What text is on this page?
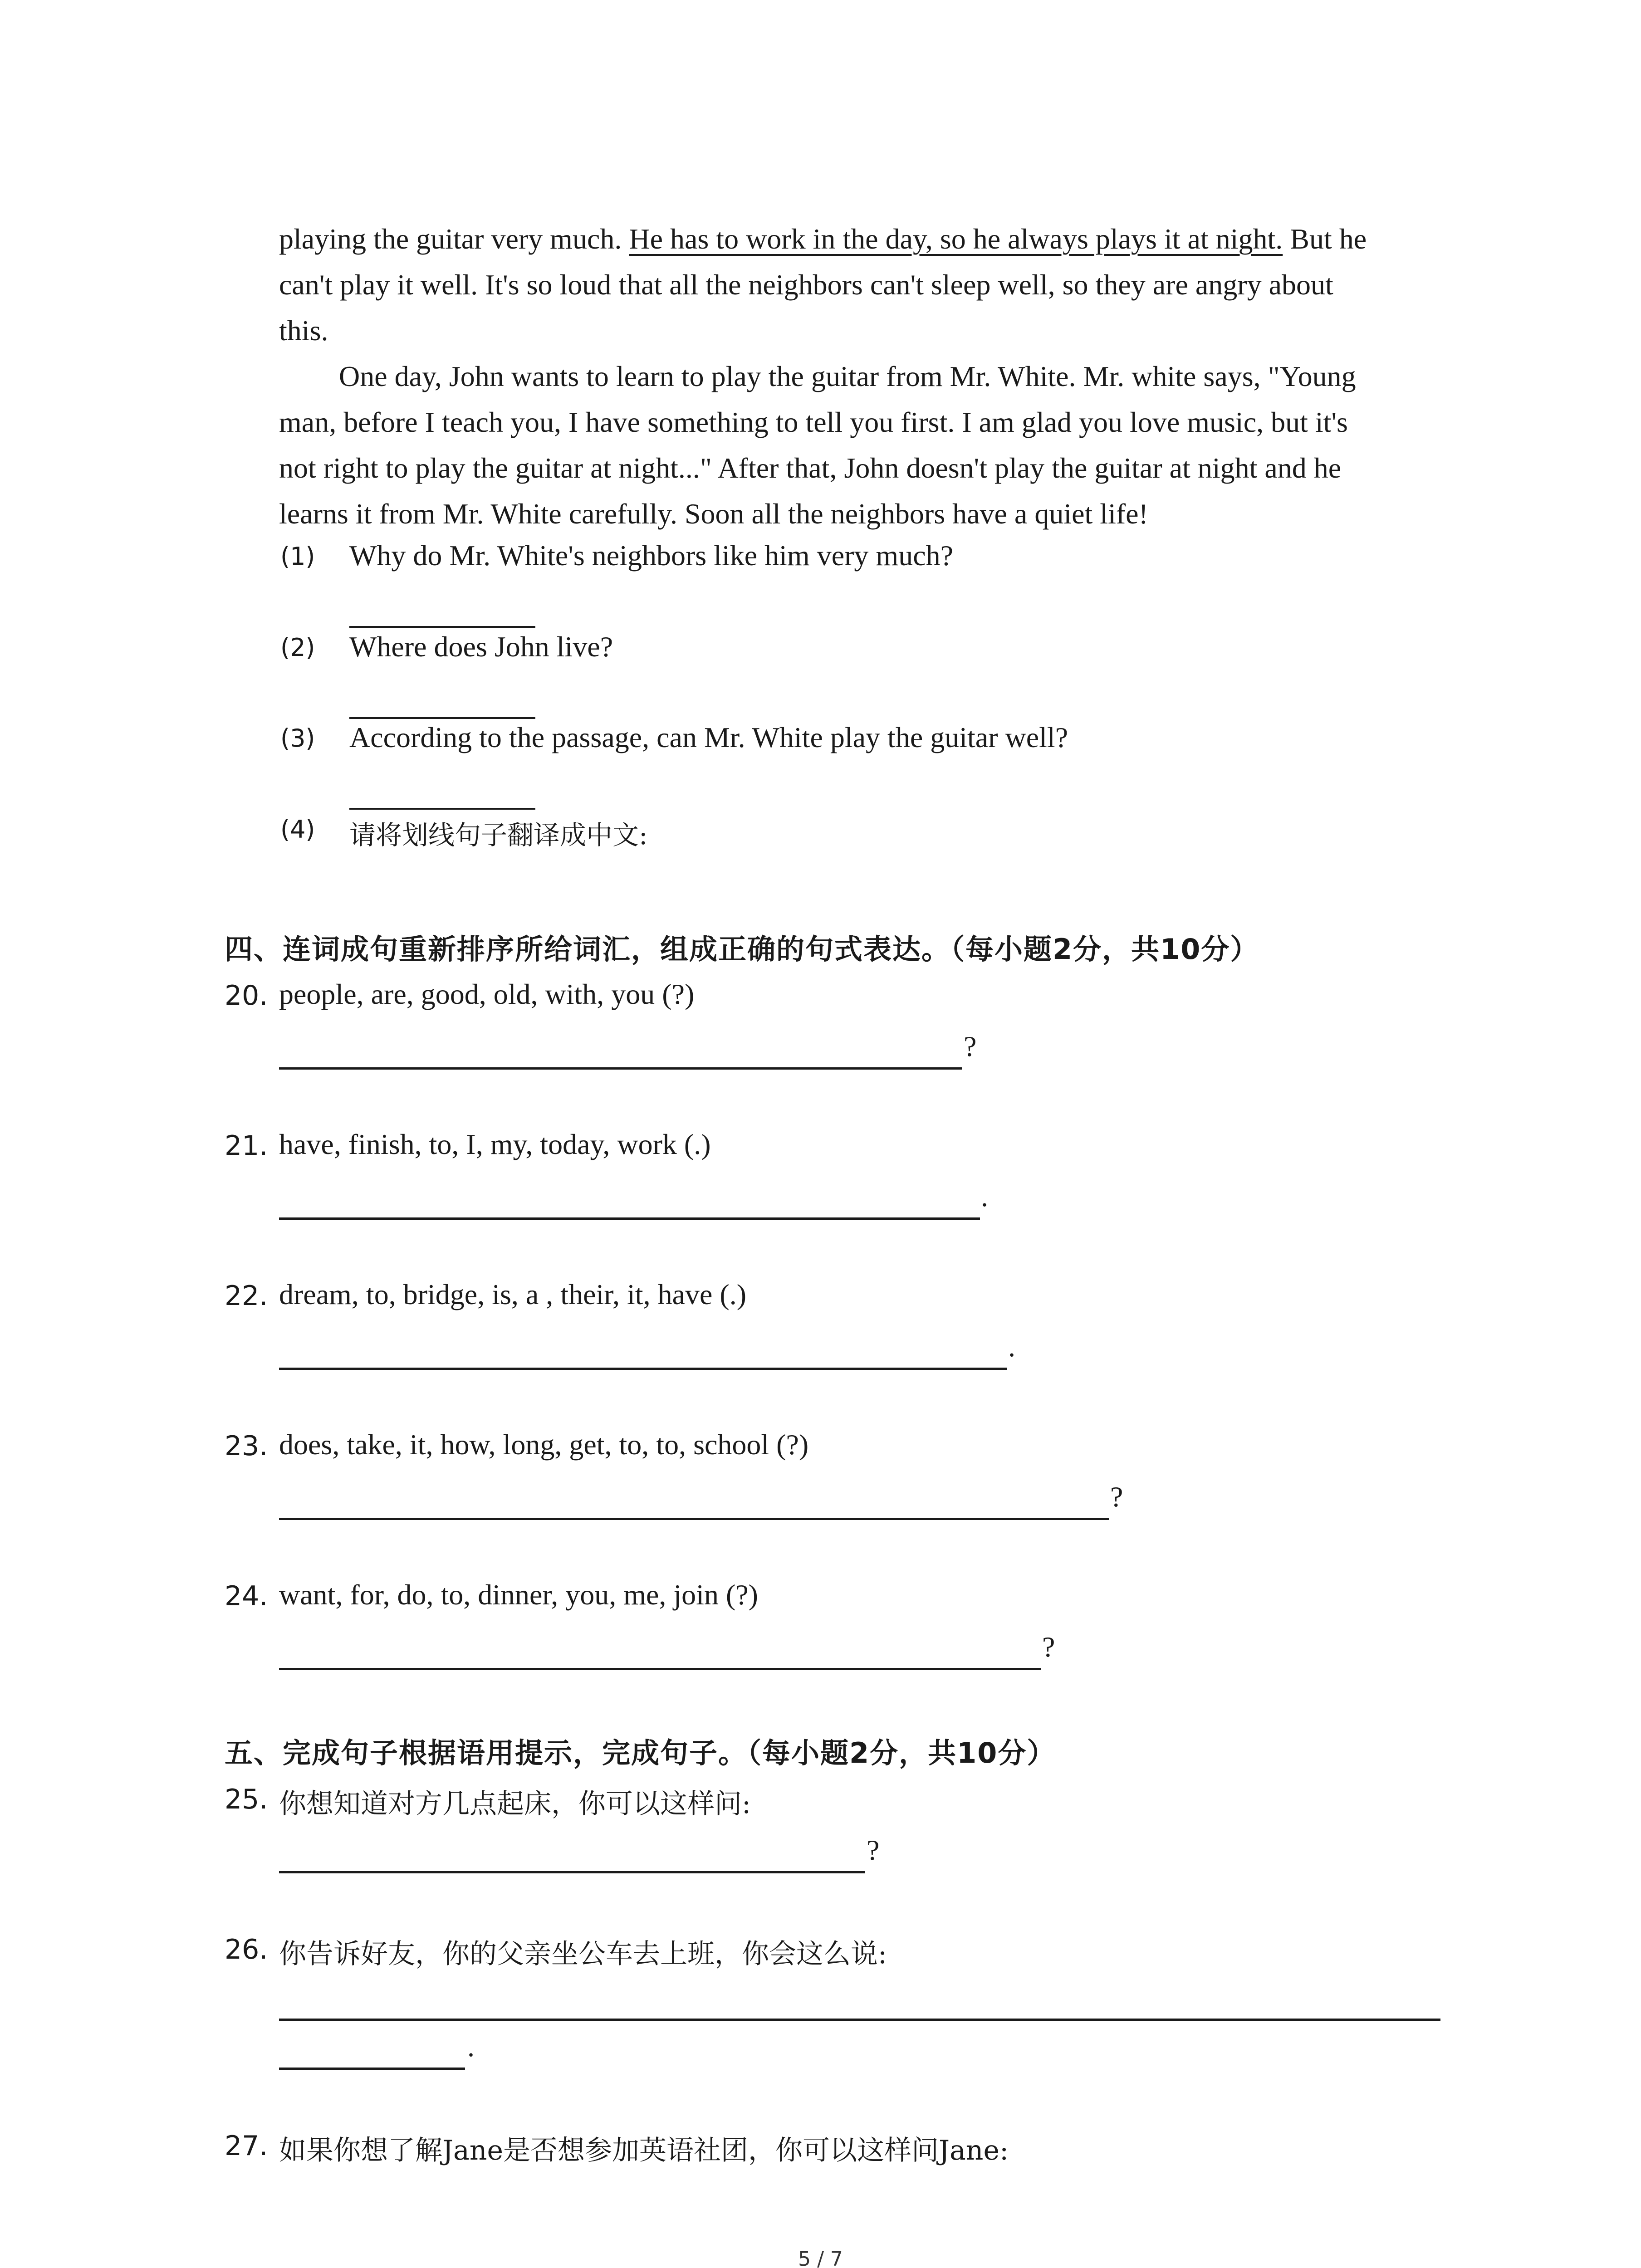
playing the guitar very much. He has to work in the day, so he always plays it at night. But he
can't play it well. It's so loud that all the neighbors can't sleep well, so they are angry about
this.
One day, John wants to learn to play the guitar from Mr. White. Mr. white says, "Young
man, before I teach you, I have something to tell you first. I am glad you love music, but it's
not right to play the guitar at night..." After that, John doesn't play the guitar at night and he
learns it from Mr. White carefully. Soon all the neighbors have a quiet life!
(1) Why do Mr. White's neighbors like him very much?
(2) Where does John live?
(3) According to the passage, can Mr. White play the guitar well?
(4) 请将划线句子翻译成中文:
四、连词成句重新排序所给词汇，组成正确的句式表达。（每小题2分，共10分）
20. people, are, good, old, with, you (?)
?
21. have, finish, to, I, my, today, work (.)
.
22. dream, to, bridge, is, a , their, it, have (.)
.
23. does, take, it, how, long, get, to, to, school (?)
?
24. want, for, do, to, dinner, you, me, join (?)
?
五、完成句子根据语用提示，完成句子。（每小题2分，共10分）
25. 你想知道对方几点起床，你可以这样问:
?
26. 你告诉好友，你的父亲坐公车去上班，你会这么说:
.
27. 如果你想了解Jane是否想参加英语社团，你可以这样问Jane:
5 / 7
